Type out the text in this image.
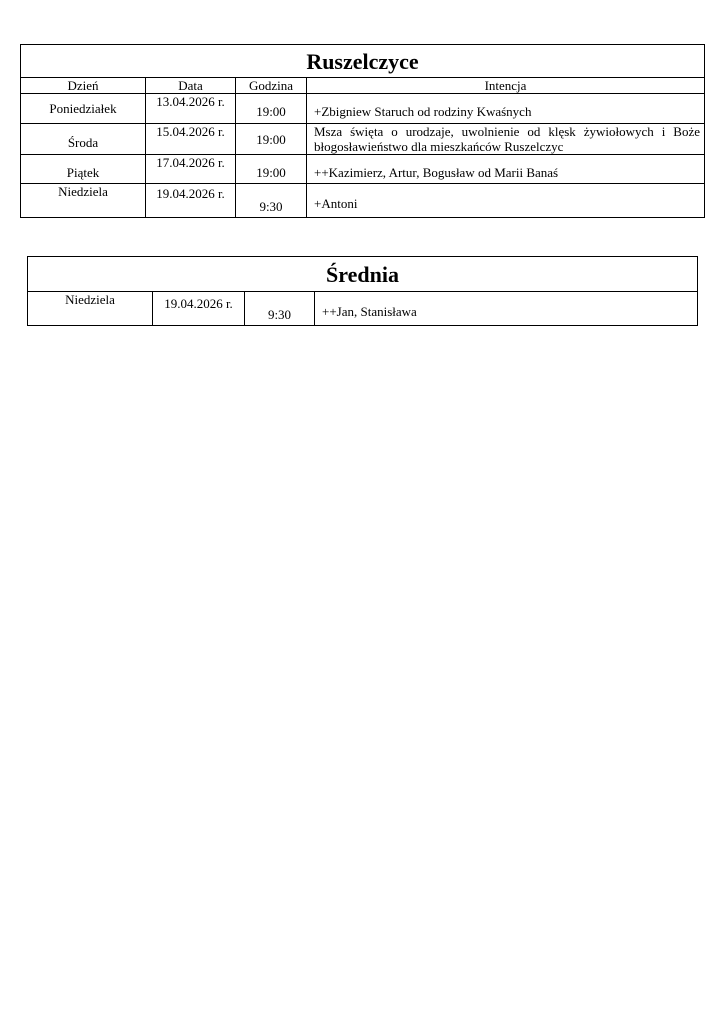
Ruszelczyce			
Dzień	Data	Godzina	Intencja
Poniedziałek	13.04.2026 r.	19:00	+Zbigniew Staruch od rodziny Kwaśnych
Środa	15.04.2026 r.	19:00	Msza święta o urodzaje, uwolnienie od klęsk żywiołowych i Boże błogosławieństwo dla mieszkańców Ruszelczyc
Piątek	17.04.2026 r.	19:00	++Kazimierz, Artur, Bogusław od Marii Banaś
Niedziela	19.04.2026 r.	9:30	+Antoni
Średnia
Niedziela	19.04.2026 r.	9:30	++Jan, Stanisława
